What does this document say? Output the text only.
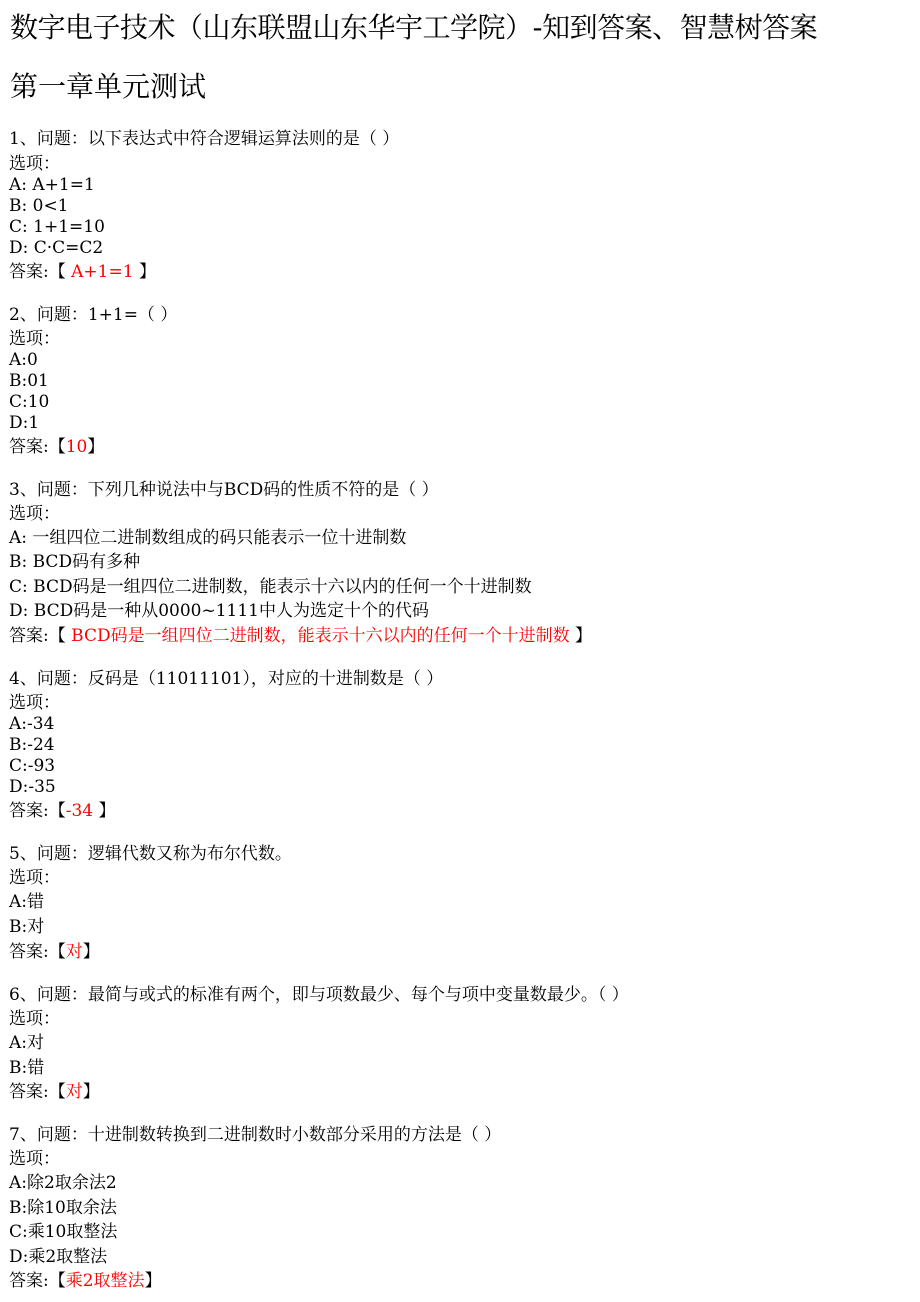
数字电子技术（山东联盟山东华宇工学院）-知到答案、智慧树答案
第一章单元测试
1、问题：以下表达式中符合逻辑运算法则的是（ ）
选项：
A: A+1=1
B: 0<1
C: 1+1=10
D: C·C=C2
答案:【 A+1=1 】
2、问题：1+1=（ ）
选项：
A:0
B:01
C:10
D:1
答案:【10】
3、问题：下列几种说法中与BCD码的性质不符的是（ ）
选项：
A: 一组四位二进制数组成的码只能表示一位十进制数
B: BCD码有多种
C: BCD码是一组四位二进制数，能表示十六以内的任何一个十进制数
D: BCD码是一种从0000~1111中人为选定十个的代码
答案:【 BCD码是一组四位二进制数，能表示十六以内的任何一个十进制数 】
4、问题：反码是（11011101），对应的十进制数是（ ）
选项：
A:-34
B:-24
C:-93
D:-35
答案:【-34 】
5、问题：逻辑代数又称为布尔代数。
选项：
A:错
B:对
答案:【对】
6、问题：最简与或式的标准有两个，即与项数最少、每个与项中变量数最少。（ ）
选项：
A:对
B:错
答案:【对】
7、问题：十进制数转换到二进制数时小数部分采用的方法是（ ）
选项：
A:除2取余法2
B:除10取余法
C:乘10取整法
D:乘2取整法
答案:【乘2取整法】
